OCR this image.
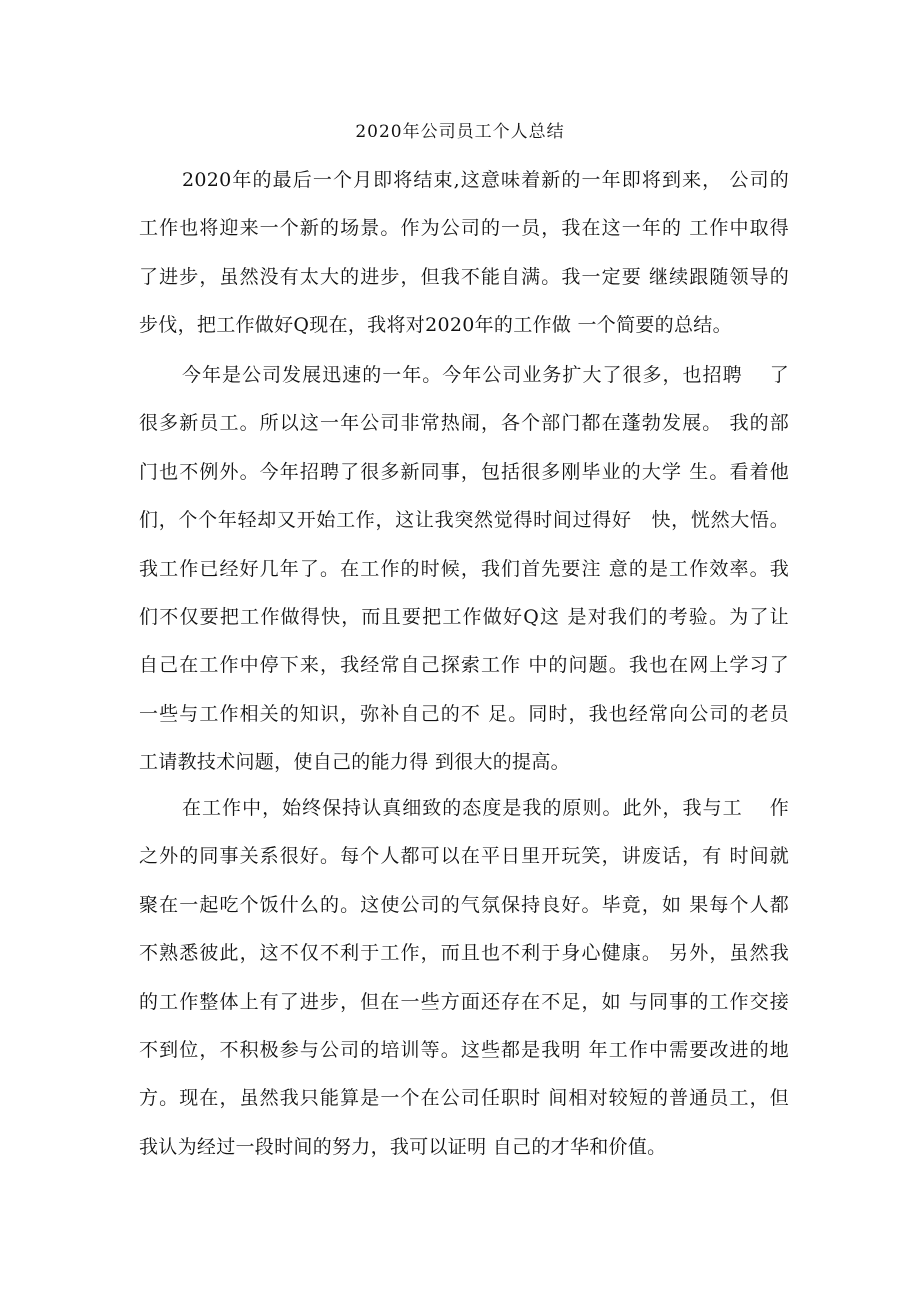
2020年公司员工个人总结
2020年的最后一个月即将结束,这意味着新的一年即将到来， 公司的
工作也将迎来一个新的场景。作为公司的一员，我在这一年的 工作中取得
了进步，虽然没有太大的进步，但我不能自满。我一定要 继续跟随领导的
步伐，把工作做好Q现在，我将对2020年的工作做 一个简要的总结。
今年是公司发展迅速的一年。今年公司业务扩大了很多，也招聘　 了
很多新员工。所以这一年公司非常热闹，各个部门都在蓬勃发展。 我的部
门也不例外。今年招聘了很多新同事，包括很多刚毕业的大学 生。看着他
们，个个年轻却又开始工作，这让我突然觉得时间过得好　快，恍然大悟。
我工作已经好几年了。在工作的时候，我们首先要注 意的是工作效率。我
们不仅要把工作做得快，而且要把工作做好Q这 是对我们的考验。为了让
自己在工作中停下来，我经常自己探索工作 中的问题。我也在网上学习了
一些与工作相关的知识，弥补自己的不 足。同时，我也经常向公司的老员
工请教技术问题，使自己的能力得 到很大的提高。
在工作中，始终保持认真细致的态度是我的原则。此外，我与工　 作
之外的同事关系很好。每个人都可以在平日里开玩笑，讲废话，有 时间就
聚在一起吃个饭什么的。这使公司的气氛保持良好。毕竟，如 果每个人都
不熟悉彼此，这不仅不利于工作，而且也不利于身心健康。 另外，虽然我
的工作整体上有了进步，但在一些方面还存在不足，如 与同事的工作交接
不到位，不积极参与公司的培训等。这些都是我明 年工作中需要改进的地
方。现在，虽然我只能算是一个在公司任职时 间相对较短的普通员工，但
我认为经过一段时间的努力，我可以证明 自己的才华和价值。
